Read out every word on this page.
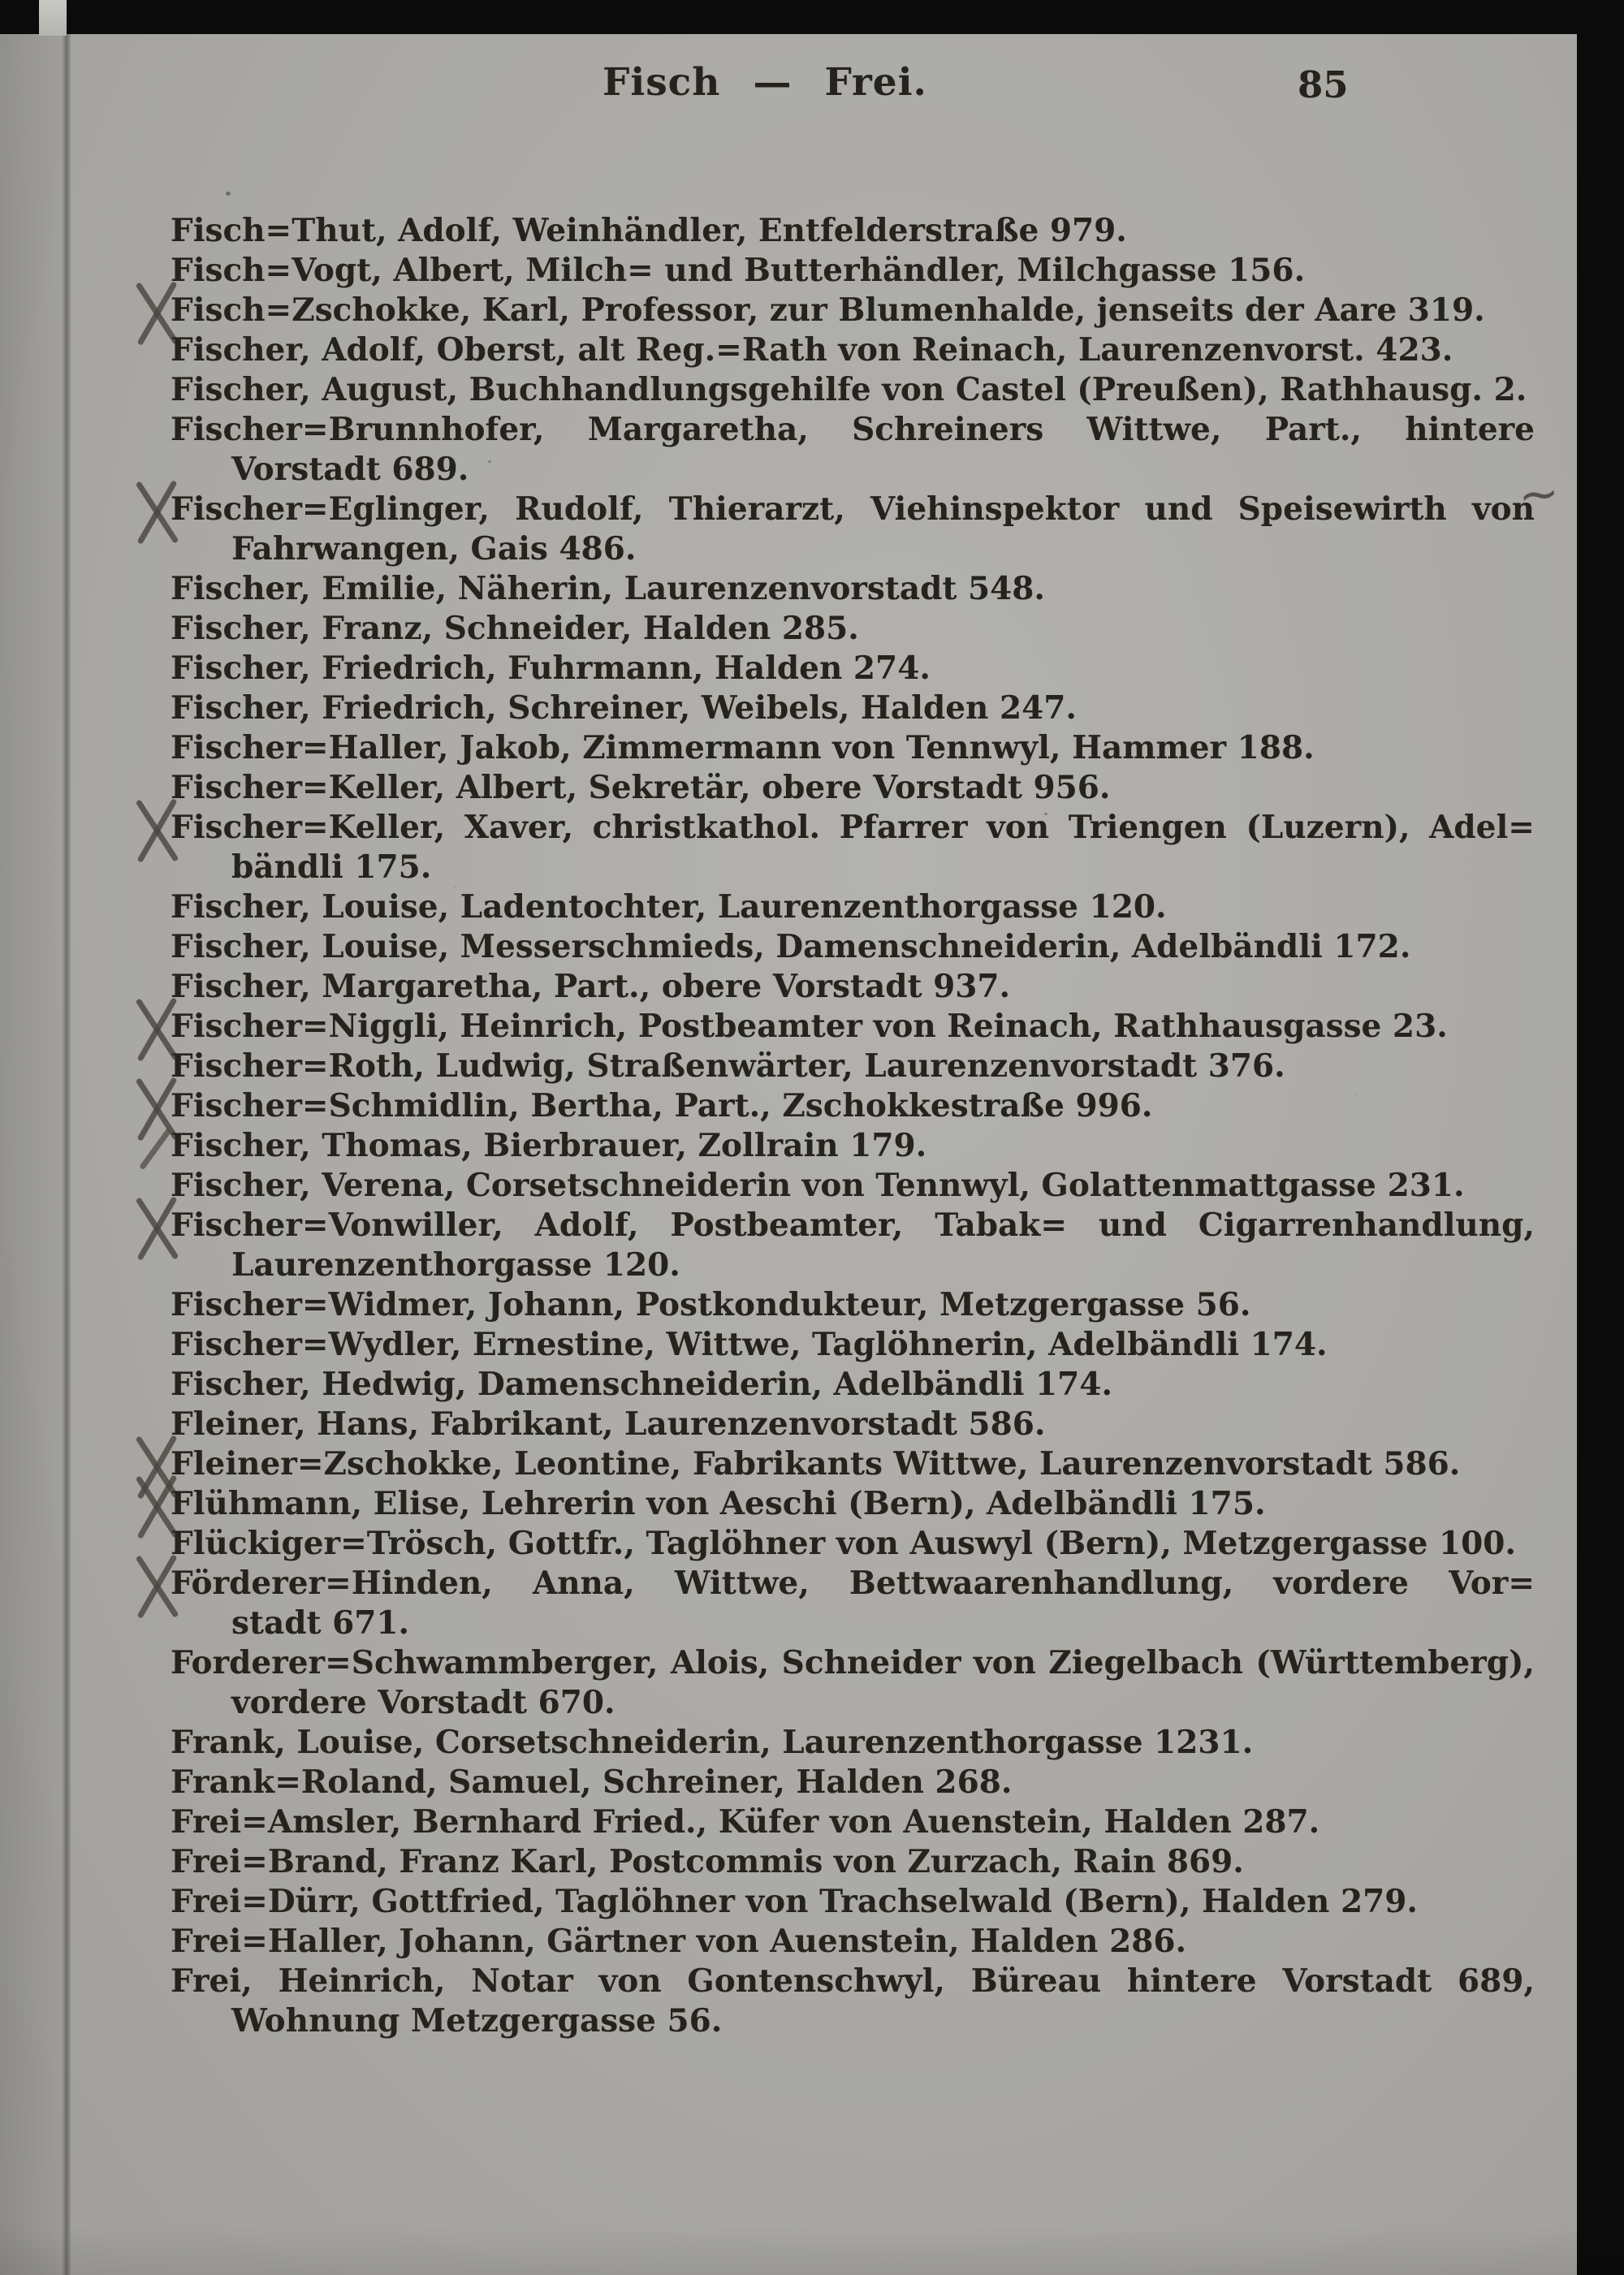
Fisch — Frei.	85
Fisch=Thut, Adolf, Weinhändler, Entfelderstraße 979.
Fisch=Vogt, Albert, Milch= und Butterhändler, Milchgasse 156.
Fisch=Zschokke, Karl, Professor, zur Blumenhalde, jenseits der Aare 319.
Fischer, Adolf, Oberst, alt Reg.=Rath von Reinach, Laurenzenvorst. 423.
Fischer, August, Buchhandlungsgehilfe von Castel (Preußen), Rathhausg. 2.
Fischer=Brunnhofer, Margaretha, Schreiners Wittwe, Part., hintere
Vorstadt 689.
Fischer=Eglinger, Rudolf, Thierarzt, Viehinspektor und Speisewirth von
~
Fahrwangen, Gais 486.
Fischer, Emilie, Näherin, Laurenzenvorstadt 548.
Fischer, Franz, Schneider, Halden 285.
Fischer, Friedrich, Fuhrmann, Halden 274.
Fischer, Friedrich, Schreiner, Weibels, Halden 247.
Fischer=Haller, Jakob, Zimmermann von Tennwyl, Hammer 188.
Fischer=Keller, Albert, Sekretär, obere Vorstadt 956.
Fischer=Keller, Xaver, christkathol. Pfarrer von Triengen (Luzern), Adel=
bändli 175.
Fischer, Louise, Ladentochter, Laurenzenthorgasse 120.
Fischer, Louise, Messerschmieds, Damenschneiderin, Adelbändli 172.
Fischer, Margaretha, Part., obere Vorstadt 937.
Fischer=Niggli, Heinrich, Postbeamter von Reinach, Rathhausgasse 23.
Fischer=Roth, Ludwig, Straßenwärter, Laurenzenvorstadt 376.
Fischer=Schmidlin, Bertha, Part., Zschokkestraße 996.
Fischer, Thomas, Bierbrauer, Zollrain 179.
Fischer, Verena, Corsetschneiderin von Tennwyl, Golattenmattgasse 231.
Fischer=Vonwiller, Adolf, Postbeamter, Tabak= und Cigarrenhandlung,
Laurenzenthorgasse 120.
Fischer=Widmer, Johann, Postkondukteur, Metzgergasse 56.
Fischer=Wydler, Ernestine, Wittwe, Taglöhnerin, Adelbändli 174.
Fischer, Hedwig, Damenschneiderin, Adelbändli 174.
Fleiner, Hans, Fabrikant, Laurenzenvorstadt 586.
Fleiner=Zschokke, Leontine, Fabrikants Wittwe, Laurenzenvorstadt 586.
Flühmann, Elise, Lehrerin von Aeschi (Bern), Adelbändli 175.
Flückiger=Trösch, Gottfr., Taglöhner von Auswyl (Bern), Metzgergasse 100.
Förderer=Hinden, Anna, Wittwe, Bettwaarenhandlung, vordere Vor=
stadt 671.
Forderer=Schwammberger, Alois, Schneider von Ziegelbach (Württemberg),
vordere Vorstadt 670.
Frank, Louise, Corsetschneiderin, Laurenzenthorgasse 1231.
Frank=Roland, Samuel, Schreiner, Halden 268.
Frei=Amsler, Bernhard Fried., Küfer von Auenstein, Halden 287.
Frei=Brand, Franz Karl, Postcommis von Zurzach, Rain 869.
Frei=Dürr, Gottfried, Taglöhner von Trachselwald (Bern), Halden 279.
Frei=Haller, Johann, Gärtner von Auenstein, Halden 286.
Frei, Heinrich, Notar von Gontenschwyl, Büreau hintere Vorstadt 689,
Wohnung Metzgergasse 56.
